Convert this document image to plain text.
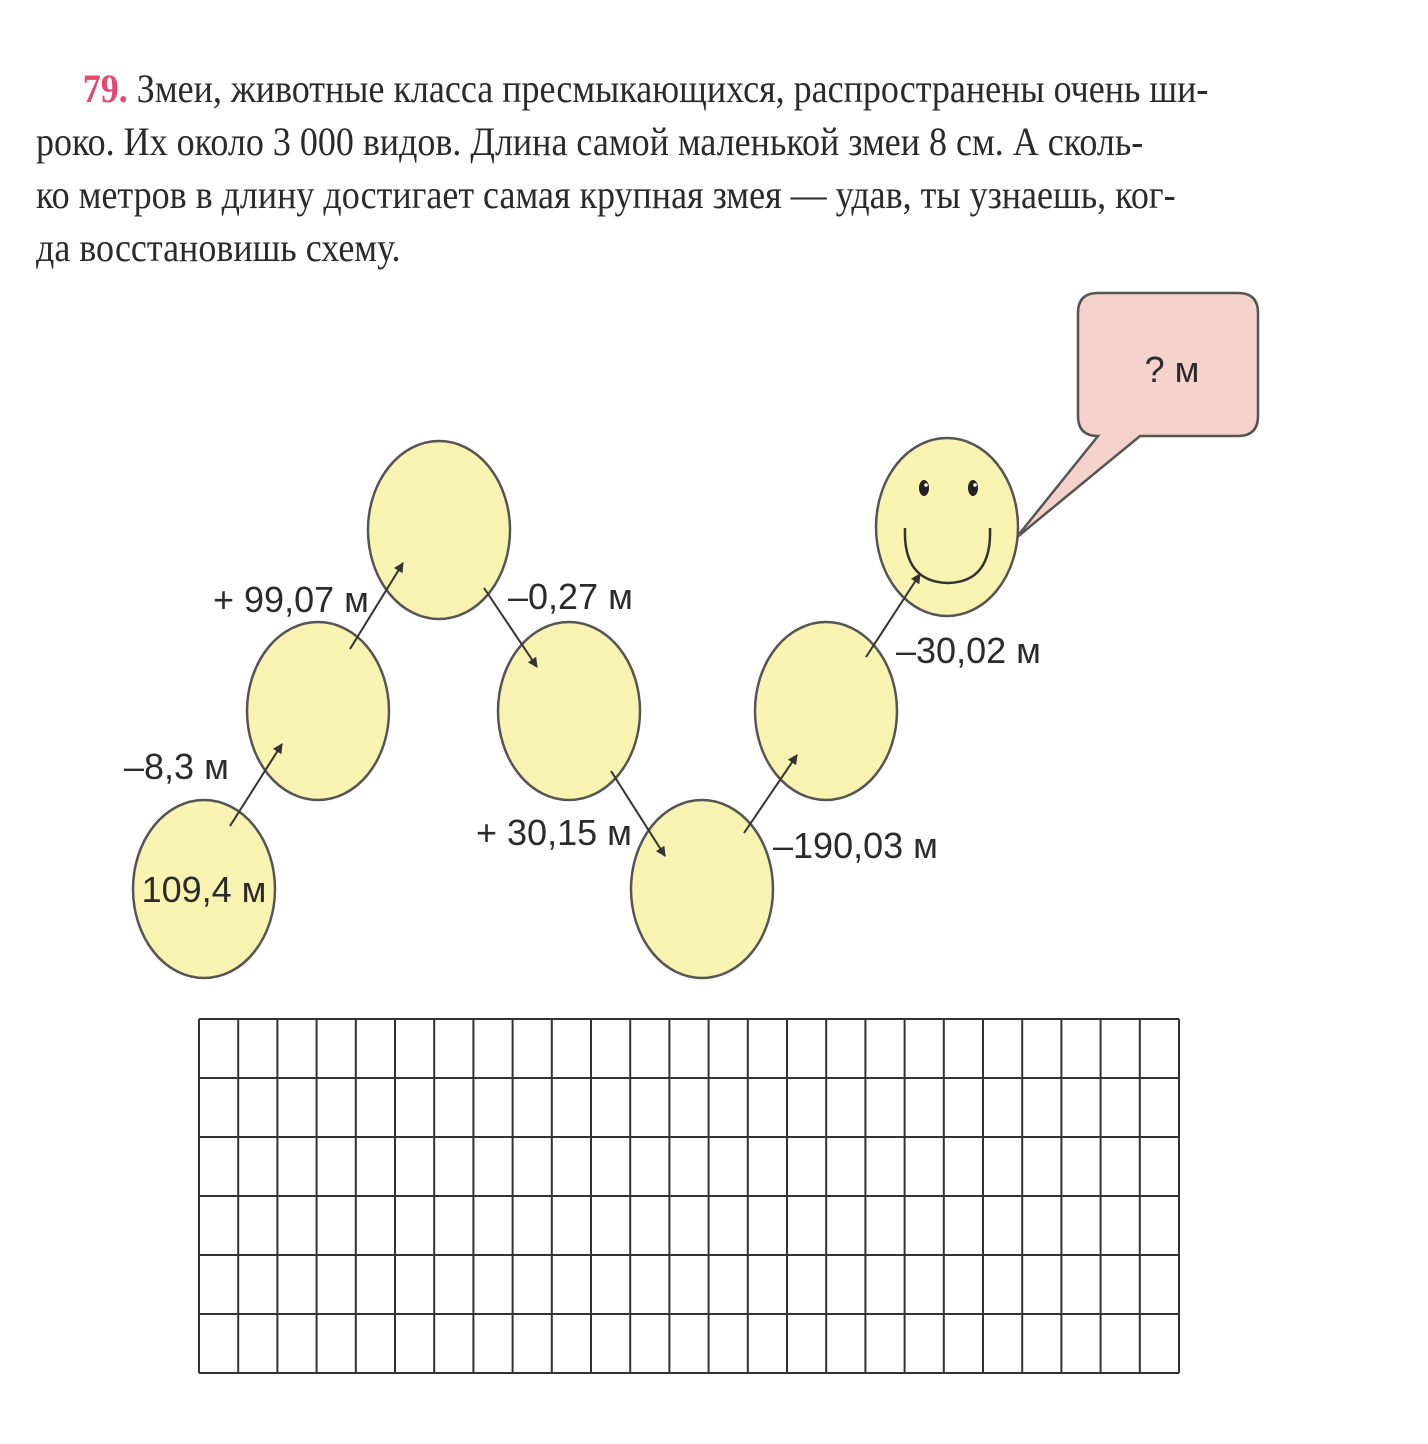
79. Змеи, животные класса пресмыкающихся, распространены очень ши-
роко. Их около 3 000 видов. Длина самой маленькой змеи 8 см. А сколь-
ко метров в длину достигает самая крупная змея — удав, ты узнаешь, ког-
да восстановишь схему.
? м
109,4 м
–8,3 м
+ 99,07 м	–0,27 м
+ 30,15 м	–190,03 м
–30,02 м
